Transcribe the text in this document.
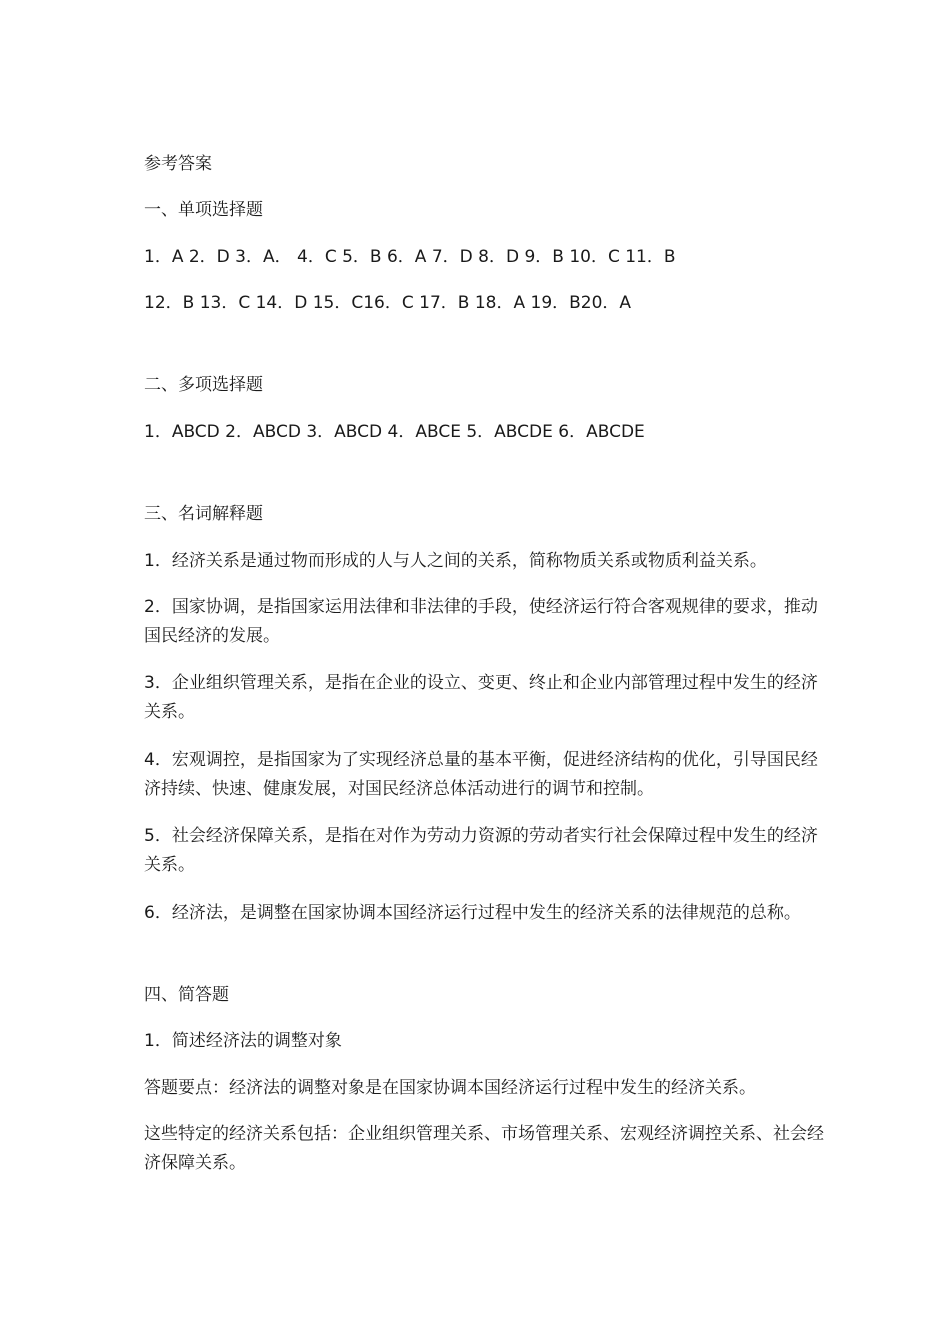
参考答案

一、单项选择题

1．A 2．D 3．A． 4．C 5．B 6．A 7．D 8．D 9．B 10．C 11．B

12．B 13．C 14．D 15．C16．C 17．B 18．A 19．B20．A

二、多项选择题

1．ABCD 2．ABCD 3．ABCD 4．ABCE 5．ABCDE 6．ABCDE

三、名词解释题

1．经济关系是通过物而形成的人与人之间的关系，简称物质关系或物质利益关系。

2．国家协调，是指国家运用法律和非法律的手段，使经济运行符合客观规律的要求，推动国民经济的发展。

3．企业组织管理关系，是指在企业的设立、变更、终止和企业内部管理过程中发生的经济关系。

4．宏观调控，是指国家为了实现经济总量的基本平衡，促进经济结构的优化，引导国民经济持续、快速、健康发展，对国民经济总体活动进行的调节和控制。

5．社会经济保障关系，是指在对作为劳动力资源的劳动者实行社会保障过程中发生的经济关系。

6．经济法，是调整在国家协调本国经济运行过程中发生的经济关系的法律规范的总称。

四、简答题

1．简述经济法的调整对象

答题要点：经济法的调整对象是在国家协调本国经济运行过程中发生的经济关系。

这些特定的经济关系包括：企业组织管理关系、市场管理关系、宏观经济调控关系、社会经济保障关系。
